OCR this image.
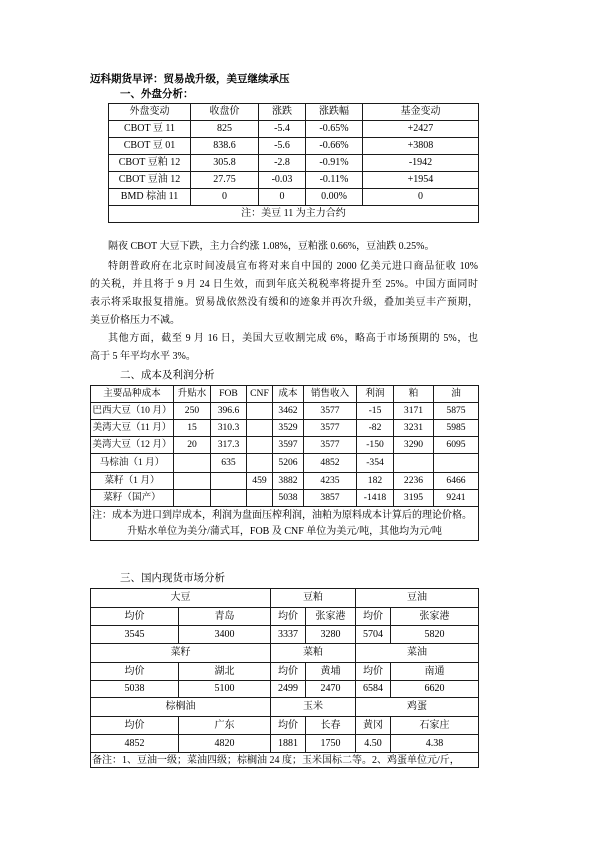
迈科期货早评：贸易战升级，美豆继续承压
一、外盘分析：
外盘变动	收盘价	涨跌	涨跌幅	基金变动
CBOT 豆 11	825	-5.4	-0.65%	+2427
CBOT 豆 01	838.6	-5.6	-0.66%	+3808
CBOT 豆粕 12	305.8	-2.8	-0.91%	-1942
CBOT 豆油 12	27.75	-0.03	-0.11%	+1954
BMD 棕油 11	0	0	0.00%	0
注：美豆 11 为主力合约				
隔夜 CBOT 大豆下跌，主力合约涨 1.08%，豆粕涨 0.66%，豆油跌 0.25%。
特朗普政府在北京时间凌晨宣布将对来自中国的 2000 亿美元进口商品征收 10%
的关税，并且将于 9 月 24 日生效，而到年底关税税率将提升至 25%。中国方面同时
表示将采取报复措施。贸易战依然没有缓和的迹象并再次升级，叠加美豆丰产预期，
美豆价格压力不减。
其他方面，截至 9 月 16 日，美国大豆收割完成 6%，略高于市场预期的 5%，也
高于 5 年平均水平 3%。
二、成本及利润分析
主要品种成本	升贴水	FOB	CNF	成本	销售收入	利润	粕	油
巴西大豆（10 月）	250	396.6		3462	3577	-15	3171	5875
美湾大豆（11 月）	15	310.3		3529	3577	-82	3231	5985
美湾大豆（12 月）	20	317.3		3597	3577	-150	3290	6095
马棕油（1 月）		635		5206	4852	-354		
菜籽（1 月）			459	3882	4235	182	2236	6466
菜籽（国产）				5038	3857	-1418	3195	9241

注：成本为进口到岸成本，利润为盘面压榨利润，油粕为原料成本计算后的理论价格。
升贴水单位为美分/蒲式耳，FOB 及 CNF 单位为美元/吨，其他均为元/吨								
三、国内现货市场分析
大豆		豆粕		豆油	
均价	青岛	均价	张家港	均价	张家港
3545	3400	3337	3280	5704	5820
菜籽		菜粕		菜油	
均价	湖北	均价	黄埔	均价	南通
5038	5100	2499	2470	6584	6620
棕榈油		玉米		鸡蛋	
均价	广东	均价	长春	黄冈	石家庄
4852	4820	1881	1750	4.50	4.38
备注：1、豆油一级；菜油四级；棕榈油 24 度；玉米国标二等。2、鸡蛋单位元/斤，					
